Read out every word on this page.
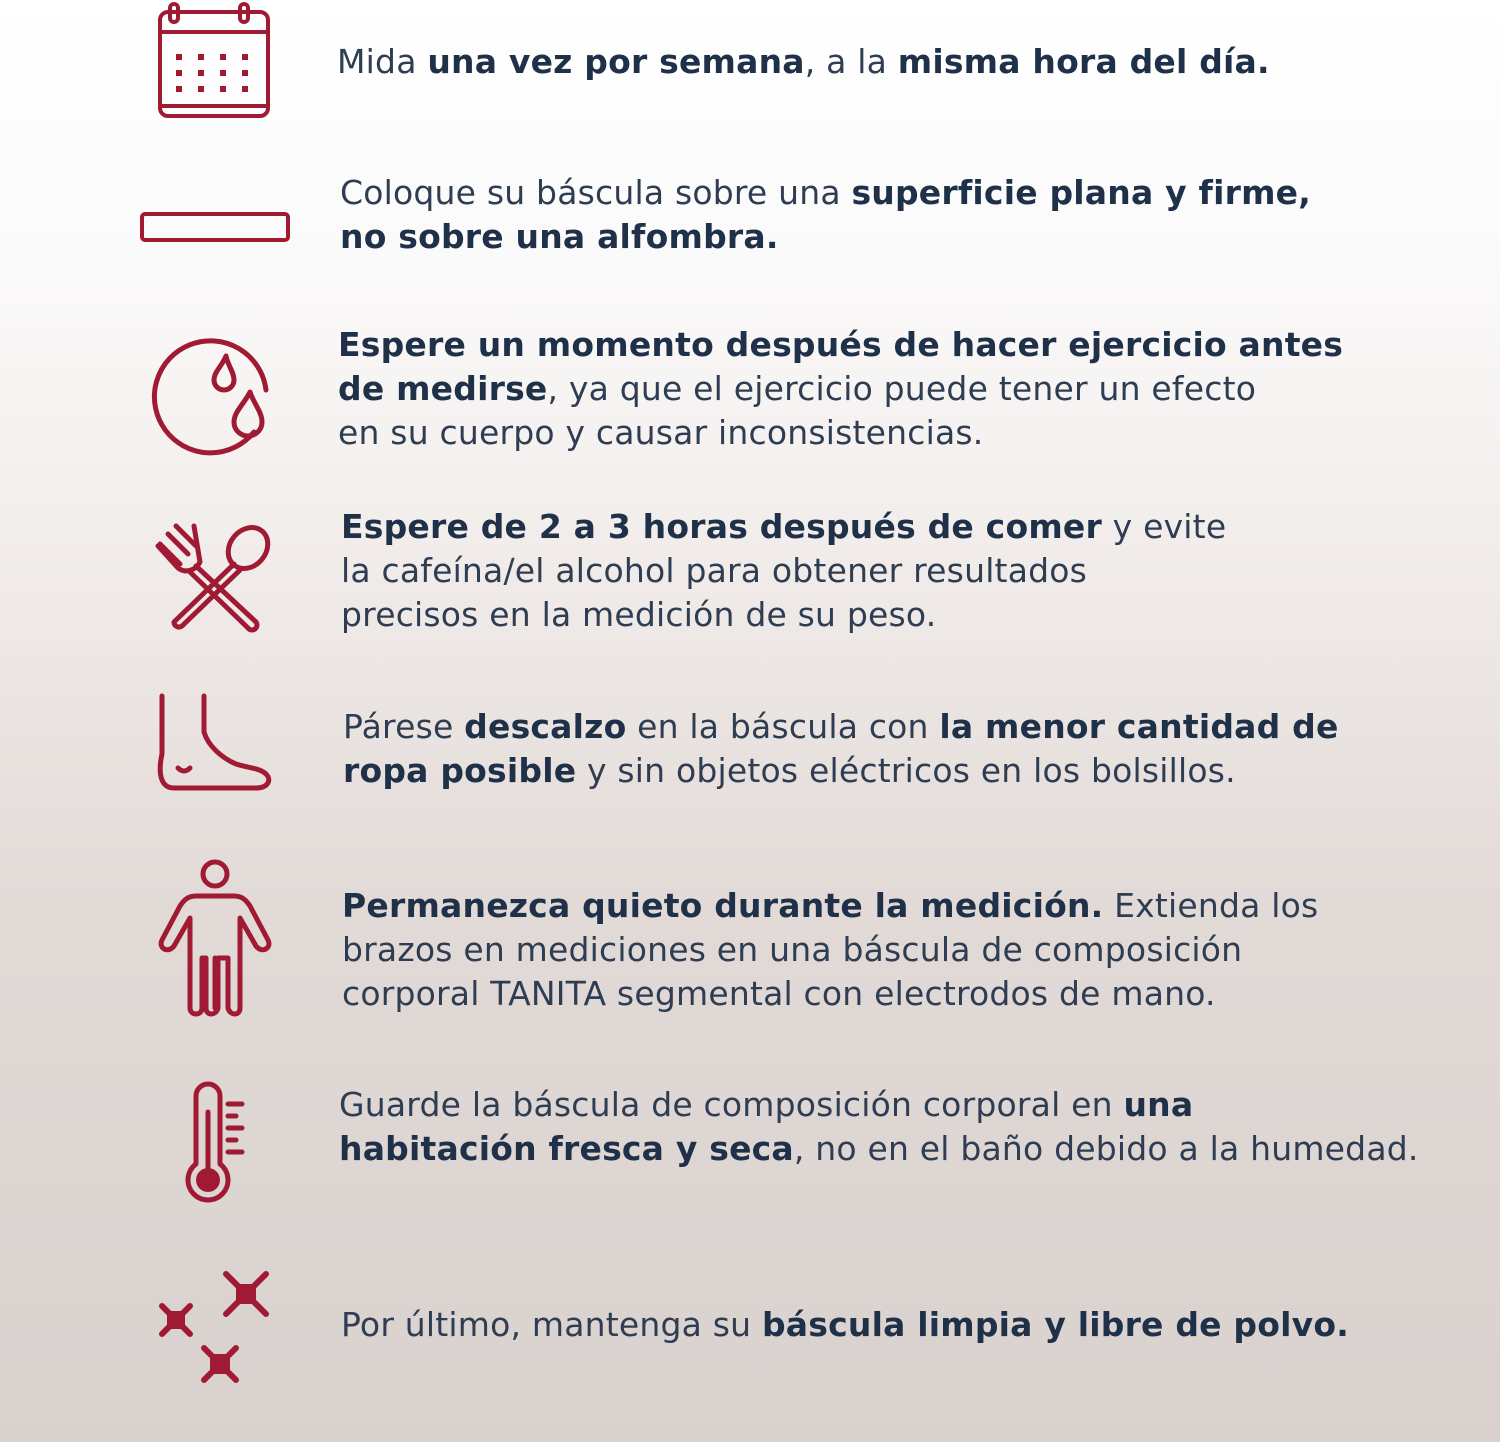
Mida una vez por semana, a la misma hora del día.
Coloque su báscula sobre una superficie plana y firme,
no sobre una alfombra.
Espere un momento después de hacer ejercicio antes
de medirse, ya que el ejercicio puede tener un efecto
en su cuerpo y causar inconsistencias.
Espere de 2 a 3 horas después de comer y evite
la cafeína/el alcohol para obtener resultados
precisos en la medición de su peso.
Párese descalzo en la báscula con la menor cantidad de
ropa posible y sin objetos eléctricos en los bolsillos.
Permanezca quieto durante la medición. Extienda los
brazos en mediciones en una báscula de composición
corporal TANITA segmental con electrodos de mano.
Guarde la báscula de composición corporal en una
habitación fresca y seca, no en el baño debido a la humedad.
Por último, mantenga su báscula limpia y libre de polvo.
